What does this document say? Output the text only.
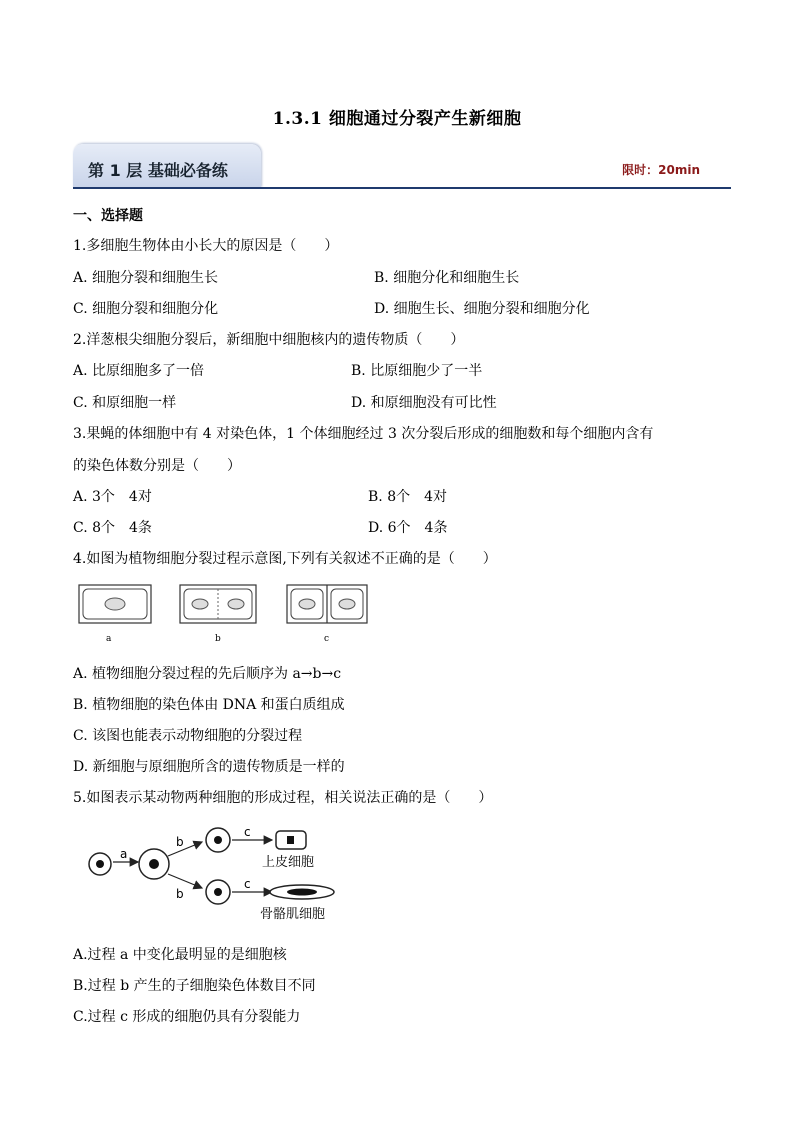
1.3.1 细胞通过分裂产生新细胞
第 1 层 基础必备练	限时：20min
一、选择题
1.多细胞生物体由小长大的原因是（　　）
A. 细胞分裂和细胞生长	B. 细胞分化和细胞生长
C. 细胞分裂和细胞分化	D. 细胞生长、细胞分裂和细胞分化
2.洋葱根尖细胞分裂后，新细胞中细胞核内的遗传物质（　　）
A. 比原细胞多了一倍	B. 比原细胞少了一半
C. 和原细胞一样	D. 和原细胞没有可比性
3.果蝇的体细胞中有 4 对染色体，1 个体细胞经过 3 次分裂后形成的细胞数和每个细胞内含有
的染色体数分别是（　　）
A. 3个　4对	B. 8个　4对
C. 8个　4条	D. 6个　4条
4.如图为植物细胞分裂过程示意图,下列有关叙述不正确的是（　　）
a	b	c
A. 植物细胞分裂过程的先后顺序为 a→b→c
B. 植物细胞的染色体由 DNA 和蛋白质组成
C. 该图也能表示动物细胞的分裂过程
D. 新细胞与原细胞所含的遗传物质是一样的
5.如图表示某动物两种细胞的形成过程，相关说法正确的是（　　）
a
b
b
c
c
上皮细胞
骨骼肌细胞
A.过程 a 中变化最明显的是细胞核
B.过程 b 产生的子细胞染色体数目不同
C.过程 c 形成的细胞仍具有分裂能力
